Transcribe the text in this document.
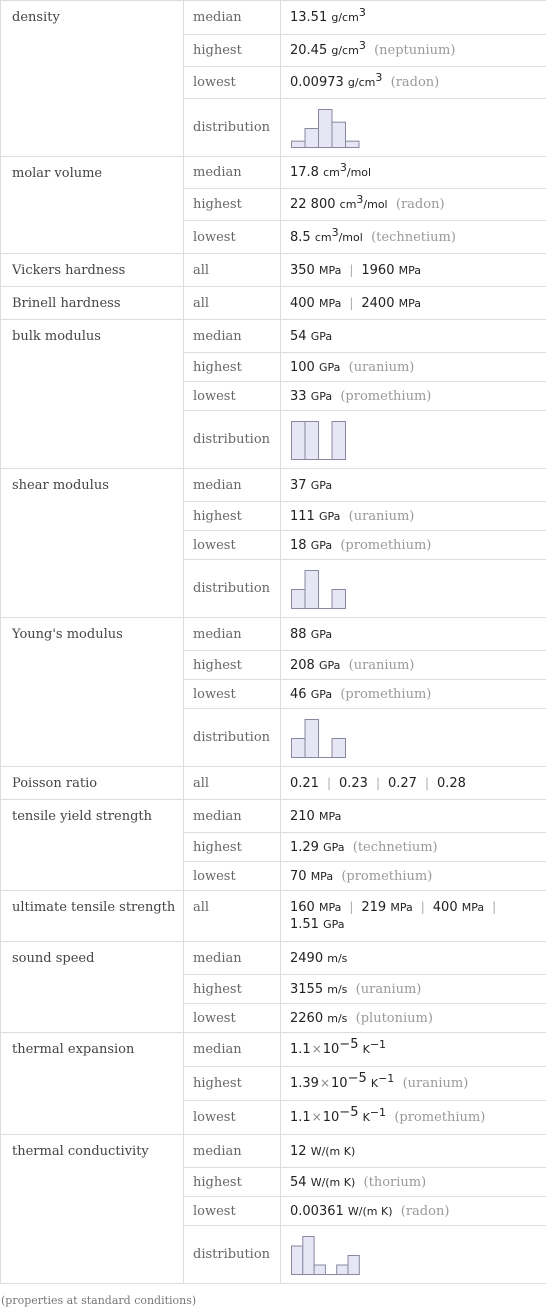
density	median	13.51 $g/cm^3$
	highest	20.45 $g/cm^3$ (neptunium)
	lowest	0.00973 $g/cm^3$ (radon)
	distribution	

molar volume	median	17.8 $cm^3$/mol
	highest	22 800 $cm^3$/mol (radon)
	lowest	8.5 $cm^3$/mol (technetium)
Vickers hardness	all	350 MPa | 1960 MPa
Brinell hardness	all	400 MPa | 2400 MPa
bulk modulus	median	54 GPa
	highest	100 GPa (uranium)
	lowest	33 GPa (promethium)
	distribution	

shear modulus	median	37 GPa
	highest	111 GPa (uranium)
	lowest	18 GPa (promethium)
	distribution	

Young's modulus	median	88 GPa
	highest	208 GPa (uranium)
	lowest	46 GPa (promethium)
	distribution	

Poisson ratio	all	0.21 | 0.23 | 0.27 | 0.28
tensile yield strength	median	210 MPa
	highest	1.29 GPa (technetium)
	lowest	70 MPa (promethium)
ultimate tensile strength	all	160 MPa | 219 MPa | 400 MPa |
1.51 GPa
sound speed	median	2490 m/s
	highest	3155 m/s (uranium)
	lowest	2260 m/s (plutonium)
thermal expansion	median	$1.1\times 10^{-5}$ $K^{-1}$
	highest	$1.39\times 10^{-5}$ $K^{-1}$ (uranium)
	lowest	$1.1\times 10^{-5}$ $K^{-1}$ (promethium)
thermal conductivity	median	12 W/(m K)
	highest	54 W/(m K) (thorium)
	lowest	0.00361 W/(m K) (radon)
	distribution	
(properties at standard conditions)
